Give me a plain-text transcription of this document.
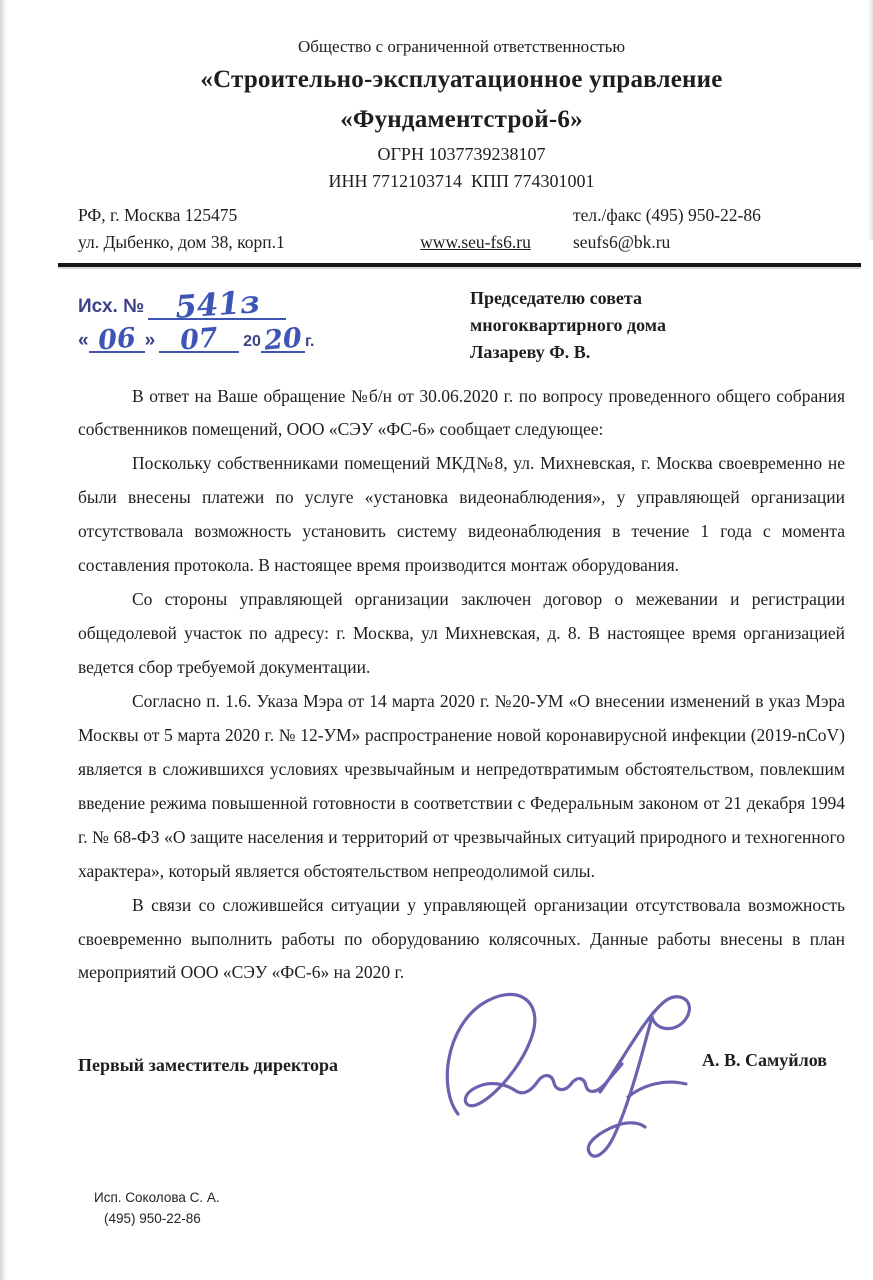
Общество с ограниченной ответственностью
«Строительно-эксплуатационное управление
«Фундаментстрой-6»
ОГРН 1037739238107
ИНН 7712103714  КПП 774301001
РФ, г. Москва 125475
ул. Дыбенко, дом 38, корп.1	www.seu-fs6.ru
тел./факс (495) 950-22-86
seufs6@bk.ru
Исх. № 541з
« 06 » 07 2020 г.
Председателю совета
многоквартирного дома
Лазареву Ф. В.

В ответ на Ваше обращение №б/н от 30.06.2020 г. по вопросу проведенного общего собрания собственников помещений, ООО «СЭУ «ФС-6» сообщает следующее:

Поскольку собственниками помещений МКД№8, ул. Михневская, г. Москва своевременно не были внесены платежи по услуге «установка видеонаблюдения», у управляющей организации отсутствовала возможность установить систему видеонаблюдения в течение 1 года с момента составления протокола. В настоящее время производится монтаж оборудования.

Со стороны управляющей организации заключен договор о межевании и регистрации общедолевой участок по адресу: г. Москва, ул Михневская, д. 8. В настоящее время организацией ведется сбор требуемой документации.

Согласно п. 1.6. Указа Мэра от 14 марта 2020 г. №20-УМ «О внесении изменений в указ Мэра Москвы от 5 марта 2020 г. № 12-УМ» распространение новой коронавирусной инфекции (2019-nCoV) является в сложившихся условиях чрезвычайным и непредотвратимым обстоятельством, повлекшим введение режима повышенной готовности в соответствии с Федеральным законом от 21 декабря 1994 г. № 68-ФЗ «О защите населения и территорий от чрезвычайных ситуаций природного и техногенного характера», который является обстоятельством непреодолимой силы.

В связи со сложившейся ситуации у управляющей организации отсутствовала возможность своевременно выполнить работы по оборудованию колясочных. Данные работы внесены в план мероприятий ООО «СЭУ «ФС-6» на 2020 г.

Первый заместитель директора	А. В. Самуйлов
Исп. Соколова С. А.
(495) 950-22-86
